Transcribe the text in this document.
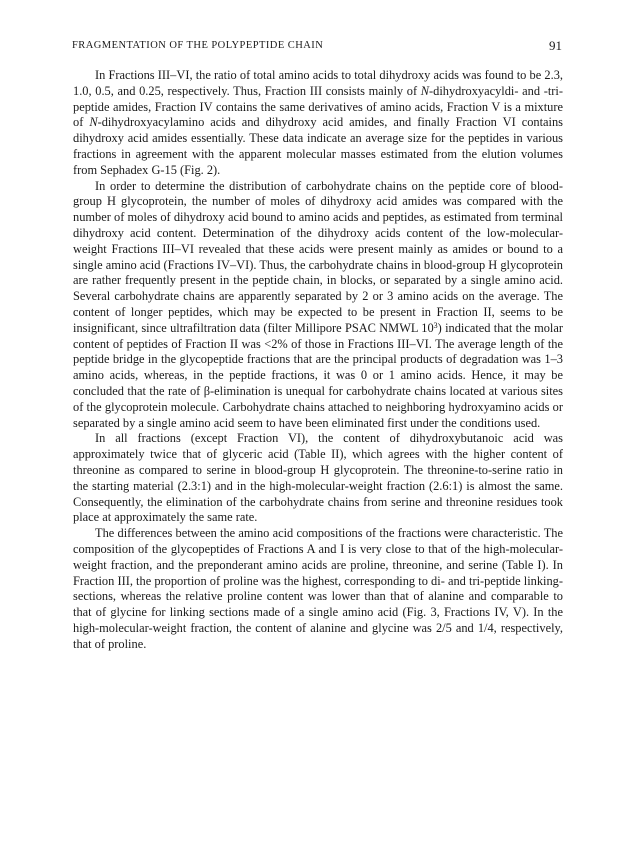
FRAGMENTATION OF THE POLYPEPTIDE CHAIN	91

In Fractions III–VI, the ratio of total amino acids to total dihydroxy acids was found to be 2.3, 1.0, 0.5, and 0.25, respectively. Thus, Fraction III consists mainly of N-dihydroxyacyldi- and -tri-peptide amides, Fraction IV contains the same derivatives of amino acids, Fraction V is a mixture of N-dihydroxyacylamino acids and dihydroxy acid amides, and finally Fraction VI contains dihydroxy acid amides essentially. These data indicate an average size for the peptides in various fractions in agreement with the apparent molecular masses estimated from the elution volumes from Sephadex G-15 (Fig. 2).

In order to determine the distribution of carbohydrate chains on the peptide core of blood-group H glycoprotein, the number of moles of dihydroxy acid amides was compared with the number of moles of dihydroxy acid bound to amino acids and peptides, as estimated from terminal dihydroxy acid content. Determination of the dihydroxy acids content of the low-molecular-weight Fractions III–VI revealed that these acids were present mainly as amides or bound to a single amino acid (Fractions IV–VI). Thus, the carbohydrate chains in blood-group H glycoprotein are rather frequently present in the peptide chain, in blocks, or separated by a single amino acid. Several carbohydrate chains are apparently separated by 2 or 3 amino acids on the average. The content of longer peptides, which may be expected to be present in Fraction II, seems to be insignificant, since ultrafiltration data (filter Millipore PSAC NMWL $10^3$) indicated that the molar content of peptides of Fraction II was <2% of those in Fractions III–VI. The average length of the peptide bridge in the glycopeptide fractions that are the principal products of degradation was 1–3 amino acids, whereas, in the peptide fractions, it was 0 or 1 amino acids. Hence, it may be concluded that the rate of β-elimination is unequal for carbohydrate chains located at various sites of the glycoprotein molecule. Carbohydrate chains attached to neighboring hydroxyamino acids or separated by a single amino acid seem to have been eliminated first under the conditions used.

In all fractions (except Fraction VI), the content of dihydroxybutanoic acid was approximately twice that of glyceric acid (Table II), which agrees with the higher content of threonine as compared to serine in blood-group H glycoprotein. The threonine-to-serine ratio in the starting material (2.3:1) and in the high-molecular-weight fraction (2.6:1) is almost the same. Consequently, the elimination of the carbohydrate chains from serine and threonine residues took place at approximately the same rate.

The differences between the amino acid compositions of the fractions were characteristic. The composition of the glycopeptides of Fractions A and I is very close to that of the high-molecular-weight fraction, and the preponderant amino acids are proline, threonine, and serine (Table I). In Fraction III, the proportion of proline was the highest, corresponding to di- and tri-peptide linking-sections, whereas the relative proline content was lower than that of alanine and comparable to that of glycine for linking sections made of a single amino acid (Fig. 3, Fractions IV, V). In the high-molecular-weight fraction, the content of alanine and glycine was 2/5 and 1/4, respectively, that of proline.
